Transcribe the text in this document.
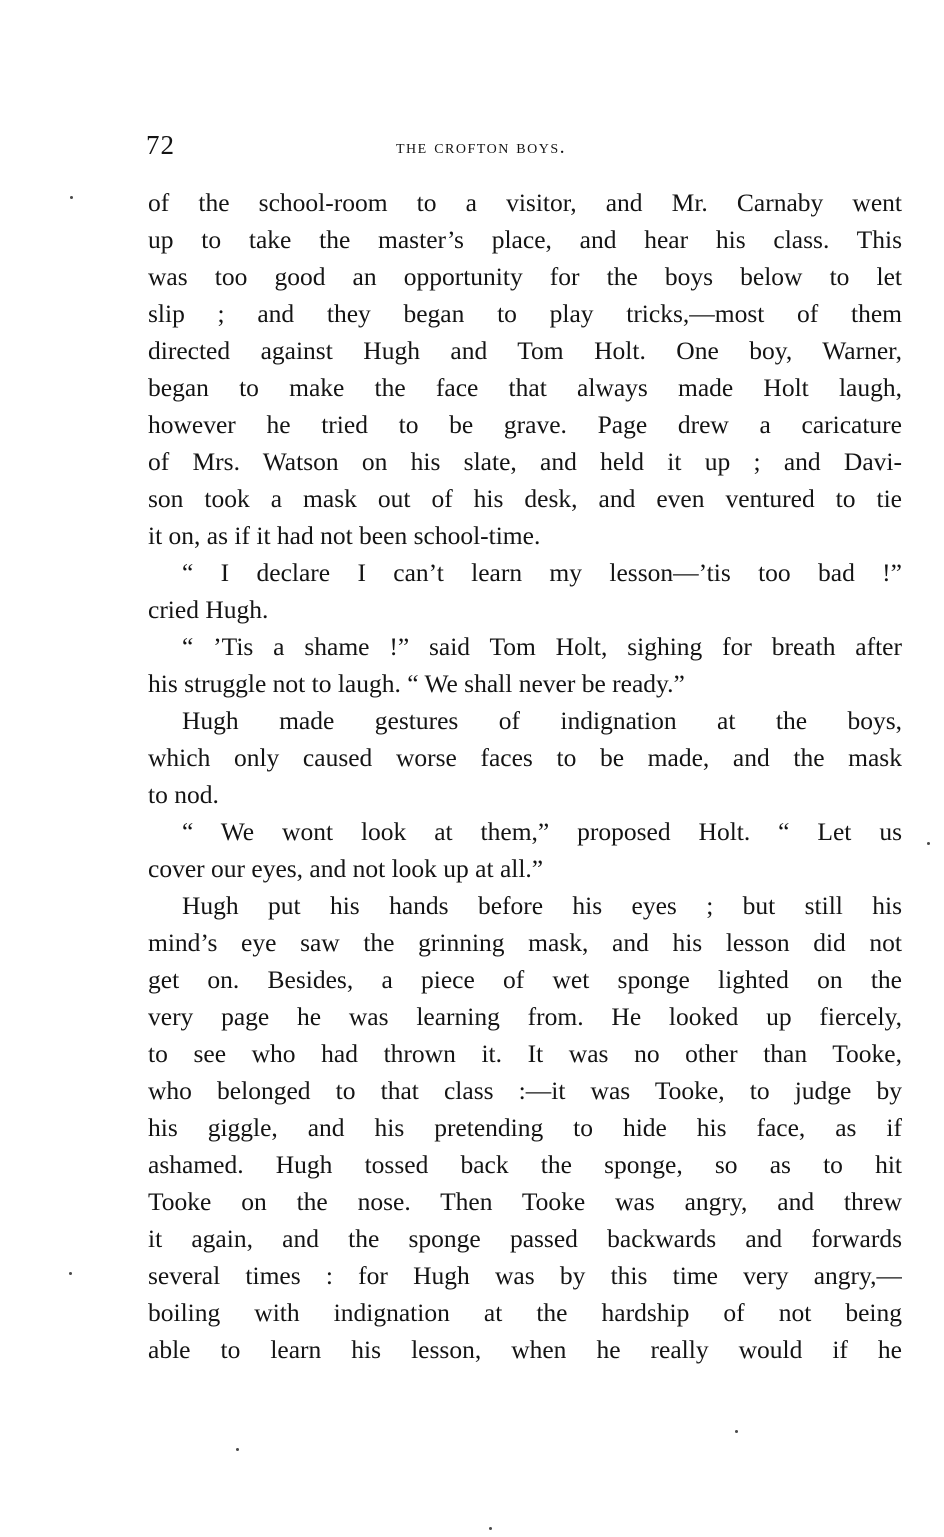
72	the crofton boys.
of the school-room to a visitor, and Mr. Carnaby went
up to take the master’s place, and hear his class. This
was too good an opportunity for the boys below to let
slip ; and they began to play tricks,—most of them
directed against Hugh and Tom Holt. One boy, Warner,
began to make the face that always made Holt laugh,
however he tried to be grave. Page drew a caricature
of Mrs. Watson on his slate, and held it up ; and Davi-
son took a mask out of his desk, and even ventured to tie
it on, as if it had not been school-time.
“ I declare I can’t learn my lesson—’tis too bad !”
cried Hugh.
“ ’Tis a shame !” said Tom Holt, sighing for breath after
his struggle not to laugh. “ We shall never be ready.”
Hugh made gestures of indignation at the boys,
which only caused worse faces to be made, and the mask
to nod.
“ We wont look at them,” proposed Holt. “ Let us
cover our eyes, and not look up at all.”
Hugh put his hands before his eyes ; but still his
mind’s eye saw the grinning mask, and his lesson did not
get on. Besides, a piece of wet sponge lighted on the
very page he was learning from. He looked up fiercely,
to see who had thrown it. It was no other than Tooke,
who belonged to that class :—it was Tooke, to judge by
his giggle, and his pretending to hide his face, as if
ashamed. Hugh tossed back the sponge, so as to hit
Tooke on the nose. Then Tooke was angry, and threw
it again, and the sponge passed backwards and forwards
several times : for Hugh was by this time very angry,—
boiling with indignation at the hardship of not being
able to learn his lesson, when he really would if he
